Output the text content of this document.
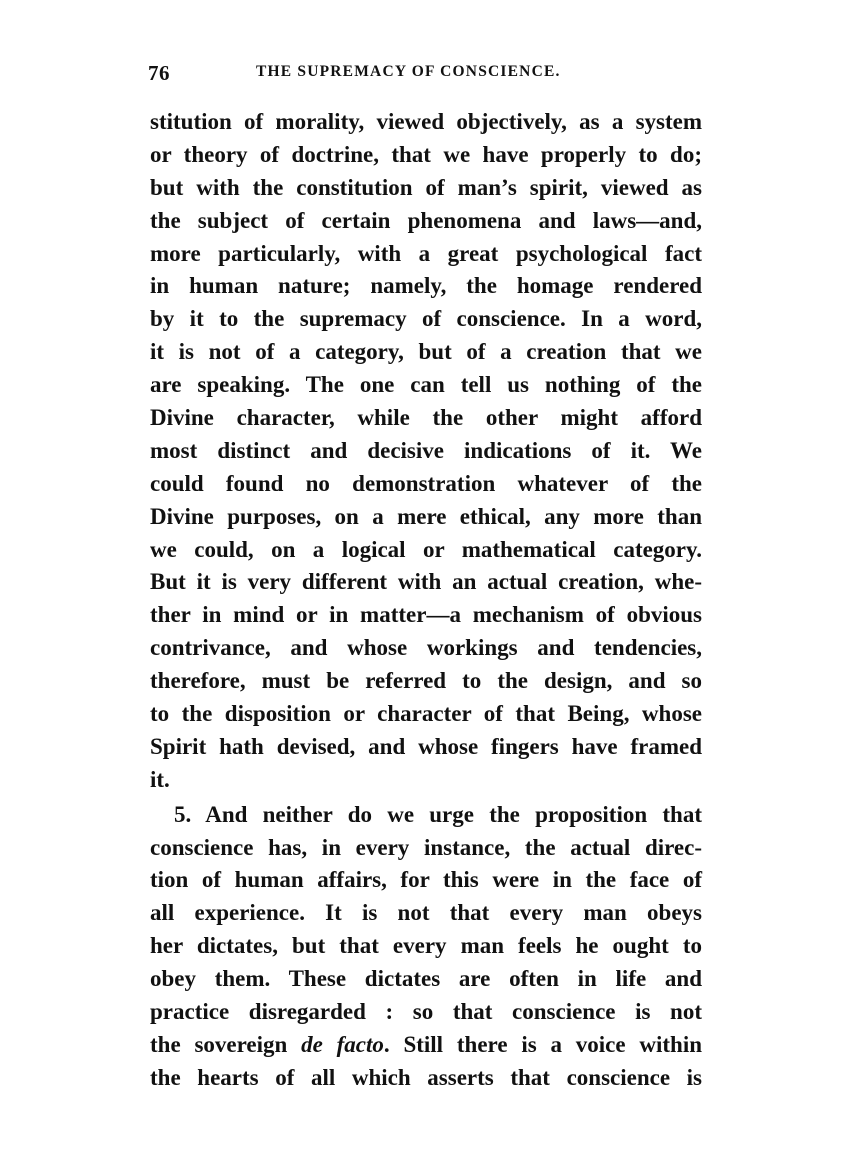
76	THE SUPREMACY OF CONSCIENCE.
stitution of morality, viewed objectively, as a system
or theory of doctrine, that we have properly to do;
but with the constitution of man’s spirit, viewed as
the subject of certain phenomena and laws—and,
more particularly, with a great psychological fact
in human nature; namely, the homage rendered
by it to the supremacy of conscience. In a word,
it is not of a category, but of a creation that we
are speaking. The one can tell us nothing of the
Divine character, while the other might afford
most distinct and decisive indications of it. We
could found no demonstration whatever of the
Divine purposes, on a mere ethical, any more than
we could, on a logical or mathematical category.
But it is very different with an actual creation, whe-
ther in mind or in matter—a mechanism of obvious
contrivance, and whose workings and tendencies,
therefore, must be referred to the design, and so
to the disposition or character of that Being, whose
Spirit hath devised, and whose fingers have framed
it.
5. And neither do we urge the proposition that
conscience has, in every instance, the actual direc-
tion of human affairs, for this were in the face of
all experience. It is not that every man obeys
her dictates, but that every man feels he ought to
obey them. These dictates are often in life and
practice disregarded : so that conscience is not
the sovereign de facto. Still there is a voice within
the hearts of all which asserts that conscience is
